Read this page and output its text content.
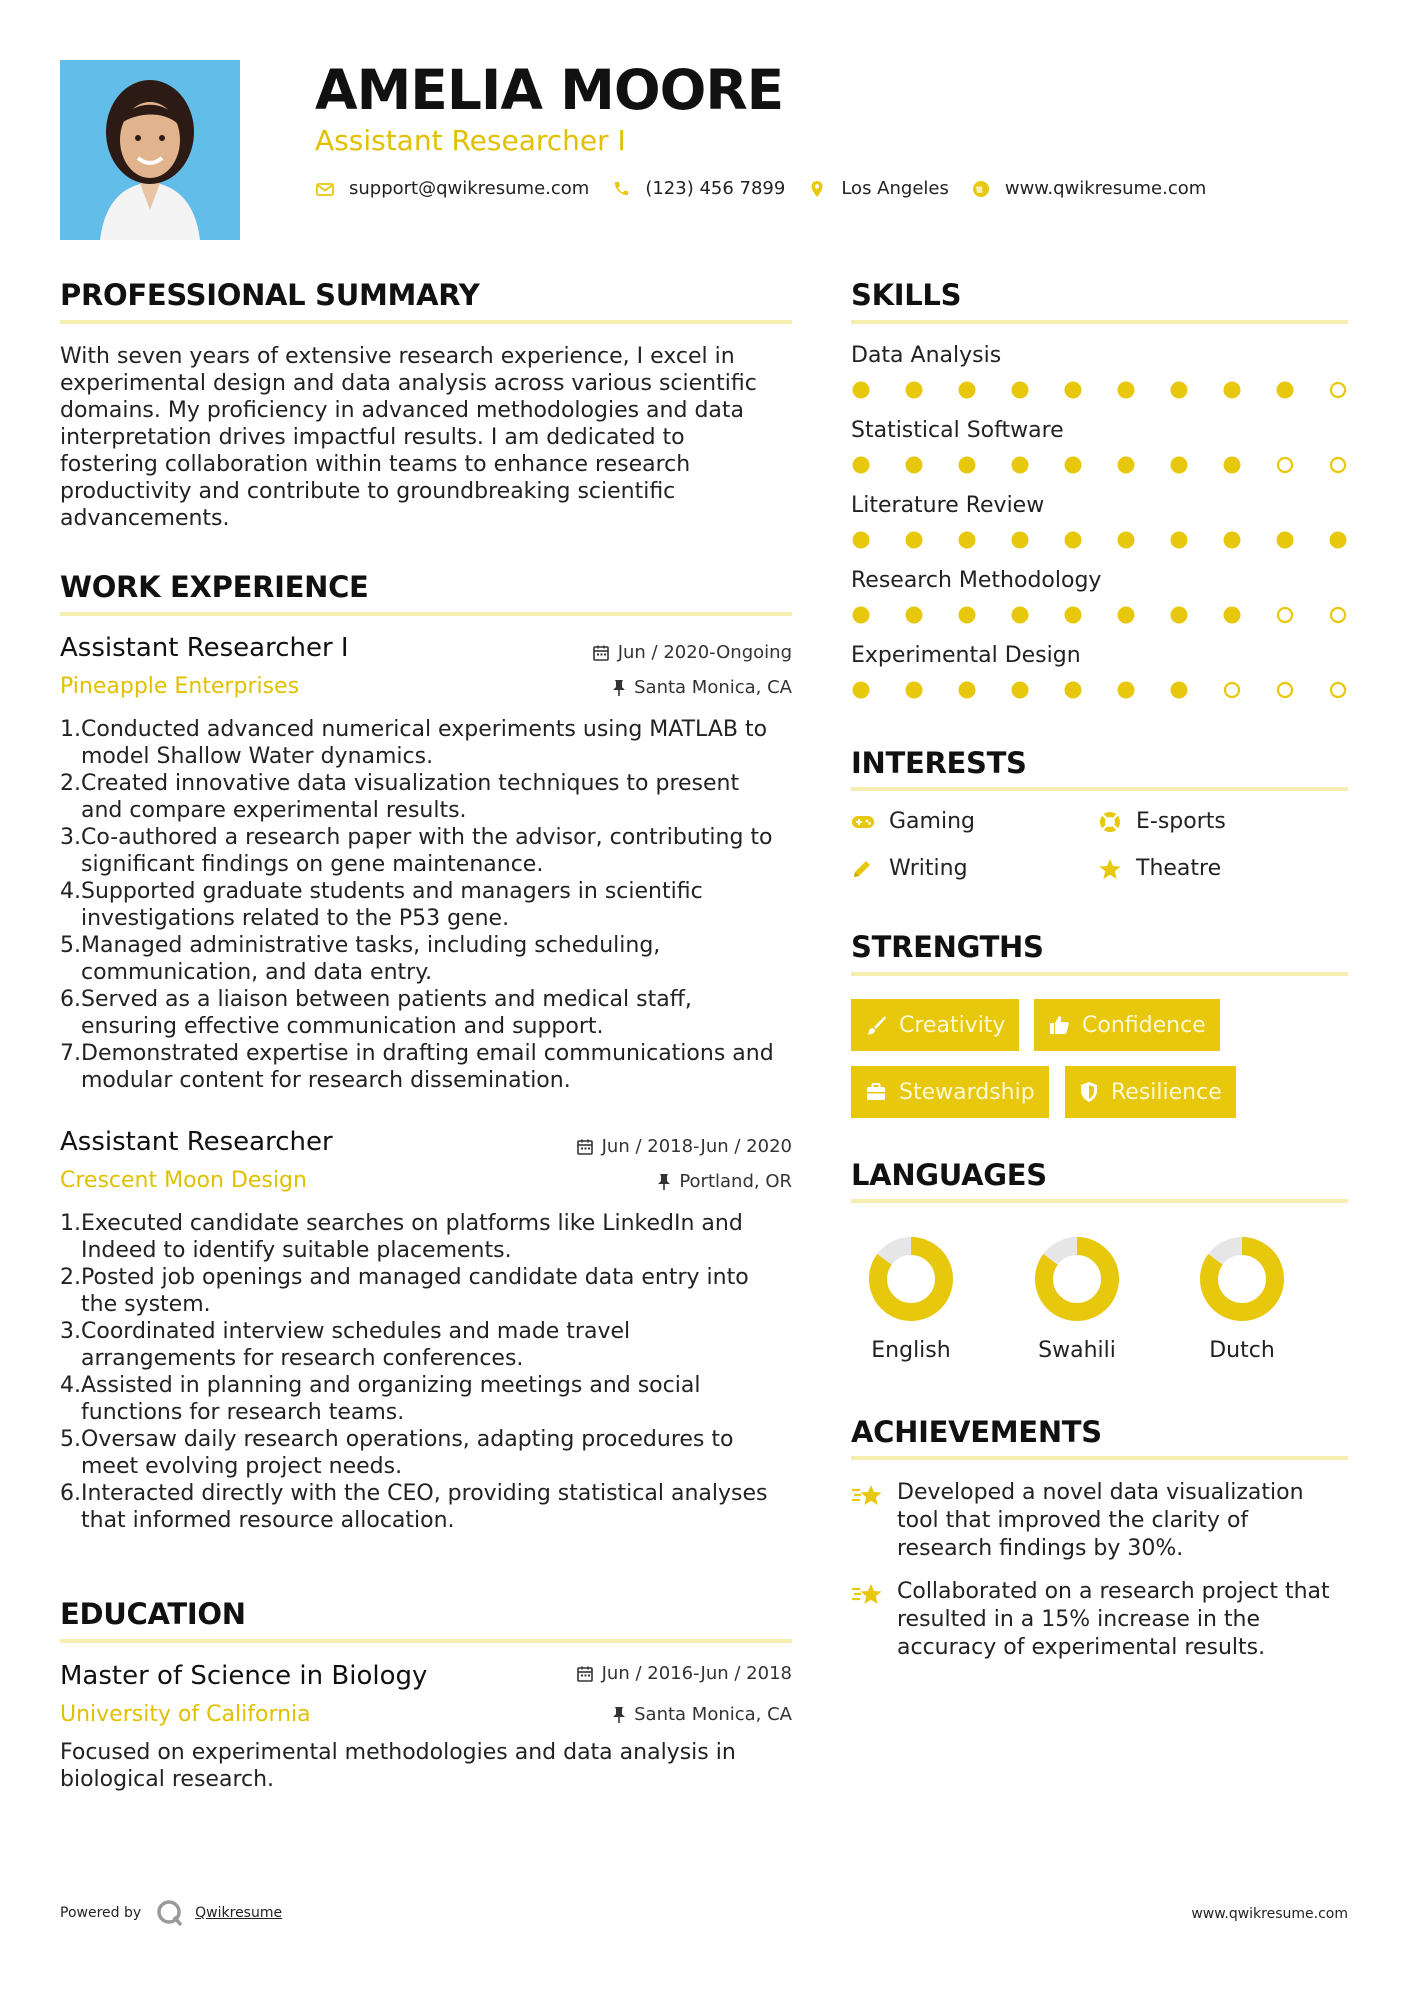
AMELIA MOORE
Assistant Researcher I
support@qwikresume.com	(123) 456 7899	Los Angeles	www.qwikresume.com
PROFESSIONAL SUMMARY
With seven years of extensive research experience, I excel in
experimental design and data analysis across various scientific
domains. My proficiency in advanced methodologies and data
interpretation drives impactful results. I am dedicated to
fostering collaboration within teams to enhance research
productivity and contribute to groundbreaking scientific
advancements.
WORK EXPERIENCE
Assistant Researcher I	Jun / 2020-Ongoing
Pineapple Enterprises	Santa Monica, CA
1. Conducted advanced numerical experiments using MATLAB to
model Shallow Water dynamics.
2. Created innovative data visualization techniques to present
and compare experimental results.
3. Co-authored a research paper with the advisor, contributing to
significant findings on gene maintenance.
4. Supported graduate students and managers in scientific
investigations related to the P53 gene.
5. Managed administrative tasks, including scheduling,
communication, and data entry.
6. Served as a liaison between patients and medical staff,
ensuring effective communication and support.
7. Demonstrated expertise in drafting email communications and
modular content for research dissemination.
Assistant Researcher	Jun / 2018-Jun / 2020
Crescent Moon Design	Portland, OR
1. Executed candidate searches on platforms like LinkedIn and
Indeed to identify suitable placements.
2. Posted job openings and managed candidate data entry into
the system.
3. Coordinated interview schedules and made travel
arrangements for research conferences.
4. Assisted in planning and organizing meetings and social
functions for research teams.
5. Oversaw daily research operations, adapting procedures to
meet evolving project needs.
6. Interacted directly with the CEO, providing statistical analyses
that informed resource allocation.
EDUCATION
Master of Science in Biology	Jun / 2016-Jun / 2018
University of California	Santa Monica, CA
Focused on experimental methodologies and data analysis in
biological research.
SKILLS
Data Analysis
Statistical Software
Literature Review
Research Methodology
Experimental Design
INTERESTS
Gaming	E-sports
Writing	Theatre
STRENGTHS
Creativity	Confidence
Stewardship	Resilience
LANGUAGES
English	Swahili	Dutch
ACHIEVEMENTS
Developed a novel data visualization
tool that improved the clarity of
research findings by 30%.
Collaborated on a research project that
resulted in a 15% increase in the
accuracy of experimental results.
Powered by	Qwikresume	www.qwikresume.com
